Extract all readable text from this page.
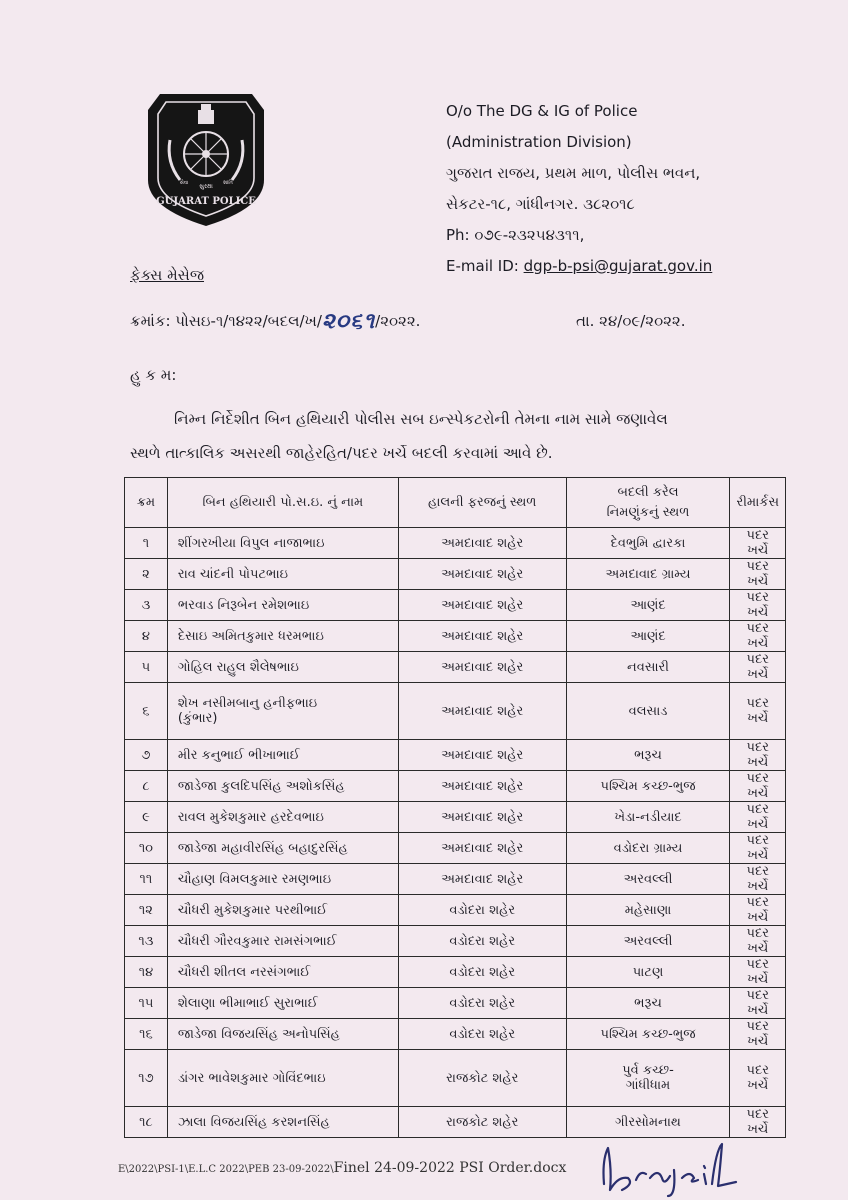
સુરક્ષા
સેવા	શાંતિ
GUJARAT POLICE
O/o The DG & IG of Police
(Administration Division)
ગુજરાત રાજય, પ્રથમ માળ, પોલીસ ભવન,
સેકટર-૧૮, ગાંધીનગર. ૩૮૨૦૧૮
Ph: ૦૭૯-૨૩૨૫૪૩૧૧,
E-mail ID: dgp-b-psi@gujarat.gov.in
ફેક્સ મેસેજ
ક્રમાંક: પોસઇ-૧/૧૪૨૨/બદલ/ખ/૨૦૬૧/૨૦૨૨.	તા. ૨૪/૦૯/૨૦૨૨.
હુ ક મ:
નિમ્ન નિર્દેશીત બિન હથિયારી પોલીસ સબ ઇન્સ્પેકટરોની તેમના નામ સામે જણાવેલ
સ્થળે તાત્કાલિક અસરથી જાહેરહિત/પદર ખર્ચે બદલી કરવામાં આવે છે.
ક્રમ	બિન હથિયારી પો.સ.ઇ. નું નામ	હાલની ફરજનું સ્થળ	બદલી કરેલ
નિમણુંકનું સ્થળ	રીમાર્કસ
૧	શીંગરખીયા વિપુલ નાજાભાઇ	અમદાવાદ શહેર	દેવભુમિ દ્વારકા	પદર ખર્ચે
૨	રાવ ચાંદની પોપટભાઇ	અમદાવાદ શહેર	અમદાવાદ ગ્રામ્ય	પદર ખર્ચે
૩	ભરવાડ નિરૂબેન રમેશભાઇ	અમદાવાદ શહેર	આણંદ	પદર ખર્ચે
૪	દેસાઇ અમિતકુમાર ધરમભાઇ	અમદાવાદ શહેર	આણંદ	પદર ખર્ચે
૫	ગોહિલ રાહુલ શૈલેષભાઇ	અમદાવાદ શહેર	નવસારી	પદર ખર્ચે
૬	શેખ નસીમબાનુ હનીફભાઇ
(કુંભાર)	અમદાવાદ શહેર	વલસાડ	પદર ખર્ચે
૭	મીર કનુભાઈ ભીખાભાઈ	અમદાવાદ શહેર	ભરૂચ	પદર ખર્ચે
૮	જાડેજા કુલદિપસિંહ અશોકસિંહ	અમદાવાદ શહેર	પશ્ચિમ કચ્છ-ભુજ	પદર ખર્ચે
૯	રાવલ મુકેશકુમાર હરદેવભાઇ	અમદાવાદ શહેર	ખેડા-નડીયાદ	પદર ખર્ચે
૧૦	જાડેજા મહાવીરસિંહ બહાદુરસિંહ	અમદાવાદ શહેર	વડોદરા ગ્રામ્ય	પદર ખર્ચે
૧૧	ચૌહાણ વિમલકુમાર રમણભાઇ	અમદાવાદ શહેર	અરવલ્લી	પદર ખર્ચે
૧૨	ચૌધરી મુકેશકુમાર પરથીભાઈ	વડોદરા શહેર	મહેસાણા	પદર ખર્ચે
૧૩	ચૌધરી ગૌરવકુમાર રામસંગભાઈ	વડોદરા શહેર	અરવલ્લી	પદર ખર્ચે
૧૪	ચૌધરી શીતલ નરસંગભાઈ	વડોદરા શહેર	પાટણ	પદર ખર્ચે
૧૫	શેલાણા ભીમાભાઈ સુરાભાઈ	વડોદરા શહેર	ભરૂચ	પદર ખર્ચે
૧૬	જાડેજા વિજયસિંહ અનોપસિંહ	વડોદરા શહેર	પશ્ચિમ કચ્છ-ભુજ	પદર ખર્ચે
૧૭	ડાંગર ભાવેશકુમાર ગોવિંદભાઇ	રાજકોટ શહેર	પુર્વ કચ્છ-
ગાંધીધામ	પદર ખર્ચે
૧૮	ઝાલા વિજયસિંહ કરશનસિંહ	રાજકોટ શહેર	ગીરસોમનાથ	પદર ખર્ચે
E\2022\PSI-1\E.L.C 2022\PEB 23-09-2022\Finel 24-09-2022 PSI Order.docx
